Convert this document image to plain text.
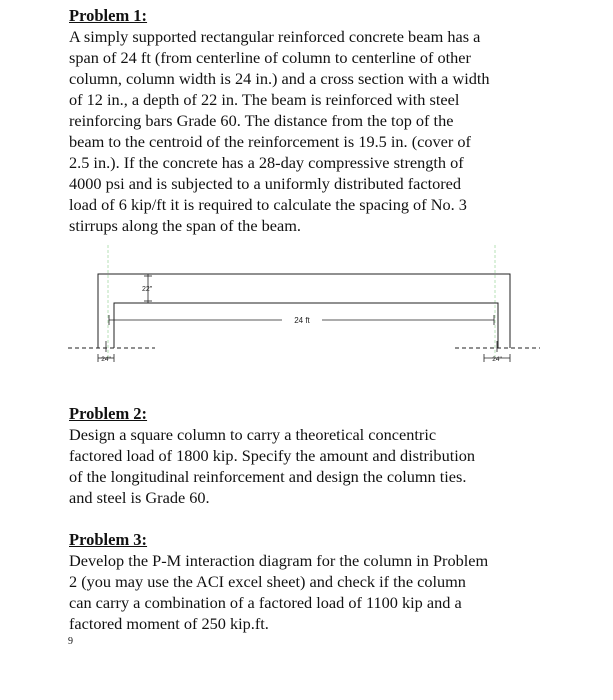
Problem 1:

A simply supported rectangular reinforced concrete beam has a
span of 24 ft (from centerline of column to centerline of other
column, column width is 24 in.) and a cross section with a width
of 12 in., a depth of 22 in. The beam is reinforced with steel
reinforcing bars Grade 60. The distance from the top of the
beam to the centroid of the reinforcement is 19.5 in. (cover of
2.5 in.). If the concrete has a 28-day compressive strength of
4000 psi and is subjected to a uniformly distributed factored
load of 6 kip/ft it is required to calculate the spacing of No. 3
stirrups along the span of the beam.

22"
24 ft
24"	24"

Problem 2:

Design a square column to carry a theoretical concentric
factored load of 1800 kip. Specify the amount and distribution
of the longitudinal reinforcement and design the column ties.
and steel is Grade 60.

Problem 3:

Develop the P-M interaction diagram for the column in Problem
2 (you may use the ACI excel sheet) and check if the column
can carry a combination of a factored load of 1100 kip and a
factored moment of 250 kip.ft.

9
